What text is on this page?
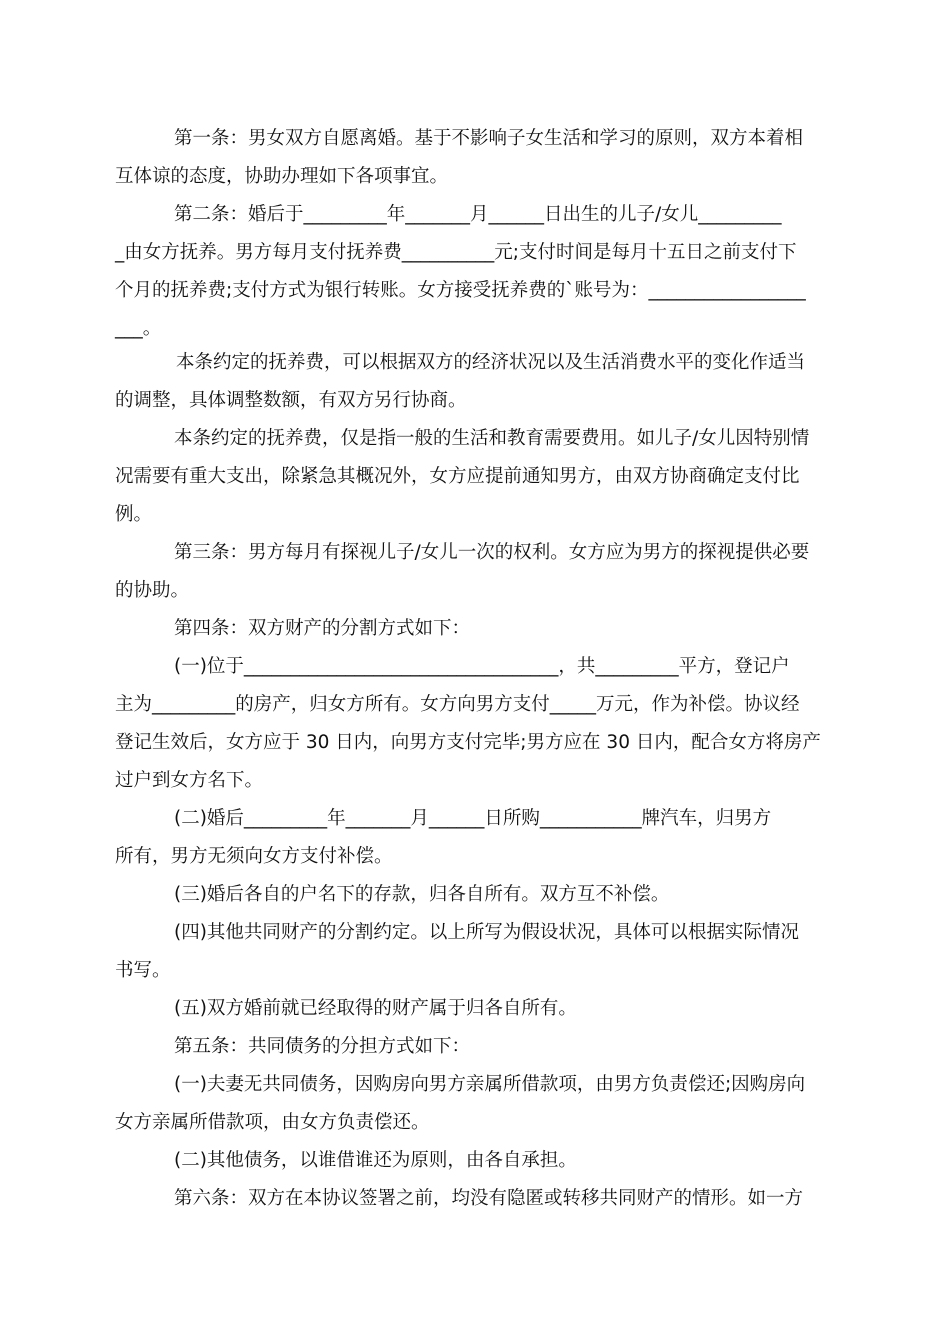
第一条：男女双方自愿离婚。基于不影响子女生活和学习的原则，双方本着相
互体谅的态度，协助办理如下各项事宜。
第二条：婚后于_________年_______月______日出生的儿子/女儿_________
_由女方抚养。男方每月支付抚养费__________元;支付时间是每月十五日之前支付下
个月的抚养费;支付方式为银行转账。女方接受抚养费的`账号为：_________________
___。
本条约定的抚养费，可以根据双方的经济状况以及生活消费水平的变化作适当
的调整，具体调整数额，有双方另行协商。
本条约定的抚养费，仅是指一般的生活和教育需要费用。如儿子/女儿因特别情
况需要有重大支出，除紧急其概况外，女方应提前通知男方，由双方协商确定支付比
例。
第三条：男方每月有探视儿子/女儿一次的权利。女方应为男方的探视提供必要
的协助。
第四条：双方财产的分割方式如下：
(一)位于__________________________________，共_________平方，登记户
主为_________的房产，归女方所有。女方向男方支付_____万元，作为补偿。协议经
登记生效后，女方应于 30 日内，向男方支付完毕;男方应在 30 日内，配合女方将房产
过户到女方名下。
(二)婚后_________年_______月______日所购___________牌汽车，归男方
所有，男方无须向女方支付补偿。
(三)婚后各自的户名下的存款，归各自所有。双方互不补偿。
(四)其他共同财产的分割约定。以上所写为假设状况，具体可以根据实际情况
书写。
(五)双方婚前就已经取得的财产属于归各自所有。
第五条：共同债务的分担方式如下：
(一)夫妻无共同债务，因购房向男方亲属所借款项，由男方负责偿还;因购房向
女方亲属所借款项，由女方负责偿还。
(二)其他债务，以谁借谁还为原则，由各自承担。
第六条：双方在本协议签署之前，均没有隐匿或转移共同财产的情形。如一方
